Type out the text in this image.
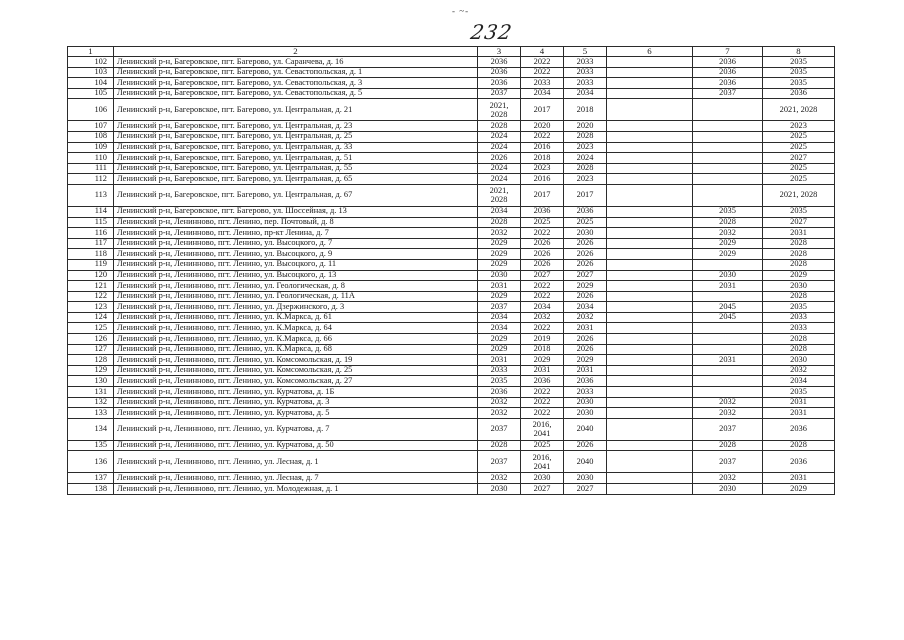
- ~-
232
1	2	3	4	5	6	7	8
102	Ленинский р-н, Багеровское, пгт. Багерово, ул. Саранчева, д. 16	2036	2022	2033		2036	2035
103	Ленинский р-н, Багеровское, пгт. Багерово, ул. Севастопольская, д. 1	2036	2022	2033		2036	2035
104	Ленинский р-н, Багеровское, пгт. Багерово, ул. Севастопольская, д. 3	2036	2033	2033		2036	2035
105	Ленинский р-н, Багеровское, пгт. Багерово, ул. Севастопольская, д. 5	2037	2034	2034		2037	2036
106	Ленинский р-н, Багеровское, пгт. Багерово, ул. Центральная, д. 21	2021,
2028	2017	2018			2021, 2028
107	Ленинский р-н, Багеровское, пгт. Багерово, ул. Центральная, д. 23	2028	2020	2020			2023
108	Ленинский р-н, Багеровское, пгт. Багерово, ул. Центральная, д. 25	2024	2022	2028			2025
109	Ленинский р-н, Багеровское, пгт. Багерово, ул. Центральная, д. 33	2024	2016	2023			2025
110	Ленинский р-н, Багеровское, пгт. Багерово, ул. Центральная, д. 51	2026	2018	2024			2027
111	Ленинский р-н, Багеровское, пгт. Багерово, ул. Центральная, д. 55	2024	2023	2028			2025
112	Ленинский р-н, Багеровское, пгт. Багерово, ул. Центральная, д. 65	2024	2016	2023			2025
113	Ленинский р-н, Багеровское, пгт. Багерово, ул. Центральная, д. 67	2021,
2028	2017	2017			2021, 2028
114	Ленинский р-н, Багеровское, пгт. Багерово, ул. Шоссейная, д. 13	2034	2036	2036		2035	2035
115	Ленинский р-н, Ленинново, пгт. Ленино, пер. Почтовый, д. 8	2028	2025	2025		2028	2027
116	Ленинский р-н, Ленинново, пгт. Ленино, пр-кт Ленина, д. 7	2032	2022	2030		2032	2031
117	Ленинский р-н, Ленинново, пгт. Ленино, ул. Высоцкого, д. 7	2029	2026	2026		2029	2028
118	Ленинский р-н, Ленинново, пгт. Ленино, ул. Высоцкого, д. 9	2029	2026	2026		2029	2028
119	Ленинский р-н, Ленинново, пгт. Ленино, ул. Высоцкого, д. 11	2029	2026	2026			2028
120	Ленинский р-н, Ленинново, пгт. Ленино, ул. Высоцкого, д. 13	2030	2027	2027		2030	2029
121	Ленинский р-н, Ленинново, пгт. Ленино, ул. Геологическая, д. 8	2031	2022	2029		2031	2030
122	Ленинский р-н, Ленинново, пгт. Ленино, ул. Геологическая, д. 11А	2029	2022	2026			2028
123	Ленинский р-н, Ленинново, пгт. Ленино, ул. Дзержинского, д. 3	2037	2034	2034		2045	2035
124	Ленинский р-н, Ленинново, пгт. Ленино, ул. К.Маркса, д. 61	2034	2032	2032		2045	2033
125	Ленинский р-н, Ленинново, пгт. Ленино, ул. К.Маркса, д. 64	2034	2022	2031			2033
126	Ленинский р-н, Ленинново, пгт. Ленино, ул. К.Маркса, д. 66	2029	2019	2026			2028
127	Ленинский р-н, Ленинново, пгт. Ленино, ул. К.Маркса, д. 68	2029	2018	2026			2028
128	Ленинский р-н, Ленинново, пгт. Ленино, ул. Комсомольская, д. 19	2031	2029	2029		2031	2030
129	Ленинский р-н, Ленинново, пгт. Ленино, ул. Комсомольская, д. 25	2033	2031	2031			2032
130	Ленинский р-н, Ленинново, пгт. Ленино, ул. Комсомольская, д. 27	2035	2036	2036			2034
131	Ленинский р-н, Ленинново, пгт. Ленино, ул. Курчатова, д. 1Б	2036	2022	2033			2035
132	Ленинский р-н, Ленинново, пгт. Ленино, ул. Курчатова, д. 3	2032	2022	2030		2032	2031
133	Ленинский р-н, Ленинново, пгт. Ленино, ул. Курчатова, д. 5	2032	2022	2030		2032	2031
134	Ленинский р-н, Ленинново, пгт. Ленино, ул. Курчатова, д. 7	2037	2016,
2041	2040		2037	2036
135	Ленинский р-н, Ленинново, пгт. Ленино, ул. Курчатова, д. 50	2028	2025	2026		2028	2028
136	Ленинский р-н, Ленинново, пгт. Ленино, ул. Лесная, д. 1	2037	2016,
2041	2040		2037	2036
137	Ленинский р-н, Ленинново, пгт. Ленино, ул. Лесная, д. 7	2032	2030	2030		2032	2031
138	Ленинский р-н, Ленинново, пгт. Ленино, ул. Молодежная, д. 1	2030	2027	2027		2030	2029
